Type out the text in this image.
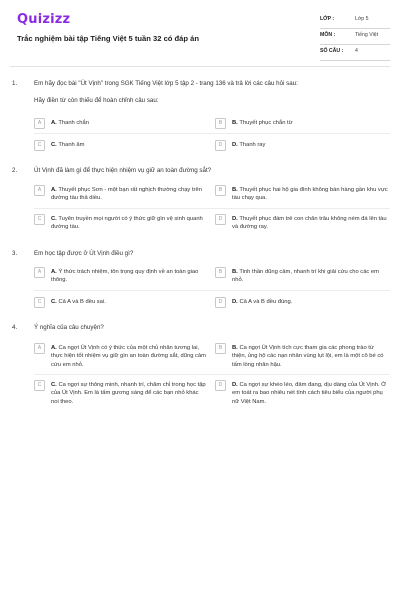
Quizizz
Trắc nghiệm bài tập Tiếng Việt 5 tuần 32 có đáp án
LỚP :	Lớp 5
MÔN :	Tiếng Việt
SỐ CÂU : 4
1.	Em hãy đọc bài "Út Vịnh" trong SGK Tiếng Việt lớp 5 tập 2 - trang 136 và trả lời các câu hỏi sau:
Hãy điền từ còn thiếu để hoàn chỉnh câu sau:
A	A. Thanh chắn	B	B. Thuyết phục chắn từ
C	C. Thanh âm	D	D. Thanh ray
2.	Út Vịnh đã làm gì để thực hiện nhiệm vụ giữ an toàn đường sắt?
A	A. Thuyết phục Sơn - một bạn rất nghịch thường chạy trên đường tàu thả diều.
B	B. Thuyết phục hai hộ gia đình không bán hàng gần khu vực tàu chạy qua.
C	C. Tuyên truyền mọi người có ý thức giữ gìn vệ sinh quanh đường tàu.
D	D. Thuyết phục đám trẻ con chăn trâu không ném đá lên tàu và đường ray.
3.	Em học tập được ở Út Vịnh điều gì?
A	A. Ý thức trách nhiệm, tôn trọng quy định về an toàn giao thông.
B	B. Tinh thần dũng cảm, nhanh trí khi giải cứu cho các em nhỏ.
C	C. Cả A và B đều sai.	D	D. Cả A và B đều đúng.
4.	Ý nghĩa của câu chuyện?
A	A. Ca ngợi Út Vịnh có ý thức của một chủ nhân tương lai, thực hiện tốt nhiệm vụ giữ gìn an toàn đường sắt, dũng cảm cứu em nhỏ.
B	B. Ca ngợi Út Vịnh tích cực tham gia các phong trào từ thiện, ủng hộ các nạn nhân vùng lụt lội, em là một cô bé có tấm lòng nhân hậu.
C	C. Ca ngợi sự thông minh, nhanh trí, chăm chỉ trong học tập của Út Vịnh. Em là tấm gương sáng để các bạn nhỏ khác noi theo.
D	D. Ca ngợi sự khéo léo, đảm đang, dịu dàng của Út Vịnh. Ở em toát ra bao nhiêu nét tính cách tiêu biểu của người phụ nữ Việt Nam.
